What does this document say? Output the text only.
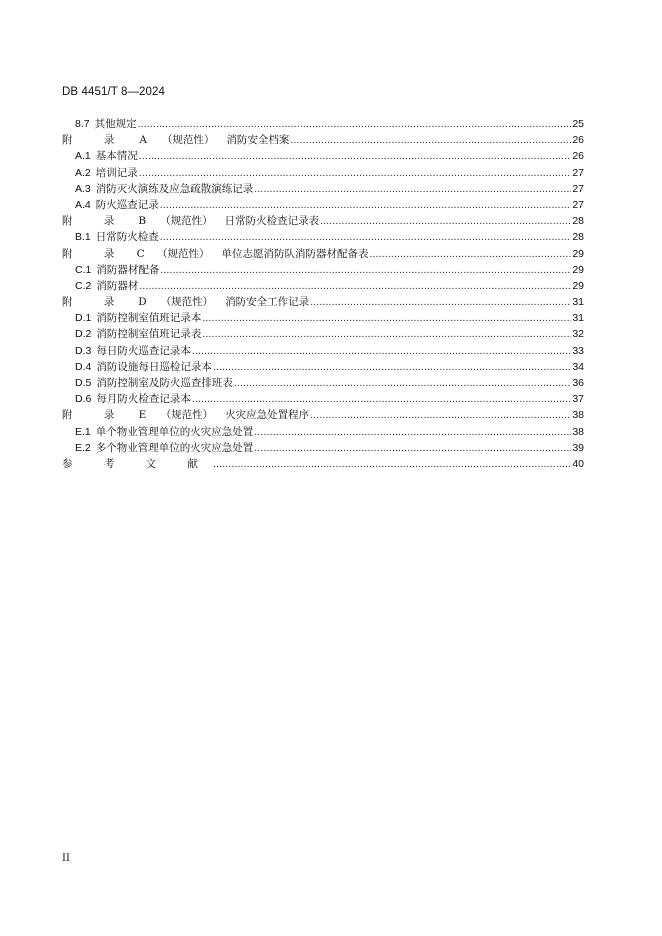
DB 4451/T 8—2024
8.7 其他规定 .....	25
附 录	A	（规范性） 消防安全档案 .....	26
A.1 基本情况 .....	26
A.2 培训记录 .....	27
A.3 消防灭火演练及应急疏散演练记录 .....	27
A.4 防火巡查记录 .....	27
附 录 B	（规范性） 日常防火检查记录表 .....	28
B.1 日常防火检查 .....	28
附 录 C （规范性） 单位志愿消防队消防器材配备表 .....	29
C.1 消防器材配备 .....	29
C.2 消防器材 .....	29
附 录 D	（规范性） 消防安全工作记录 .....	31
D.1 消防控制室值班记录本 .....	31
D.2 消防控制室值班记录表 .....	32
D.3 每日防火巡查记录本 .....	33
D.4 消防设施每日巡检记录本 .....	34
D.5 消防控制室及防火巡查排班表 .....	36
D.6 每月防火检查记录本 .....	37
附 录 E	（规范性） 火灾应急处置程序 .....	38
E.1 单个物业管理单位的火灾应急处置 .....	38
E.2 多个物业管理单位的火灾应急处置 .....	39
参 考 文 献 .....	40
II
